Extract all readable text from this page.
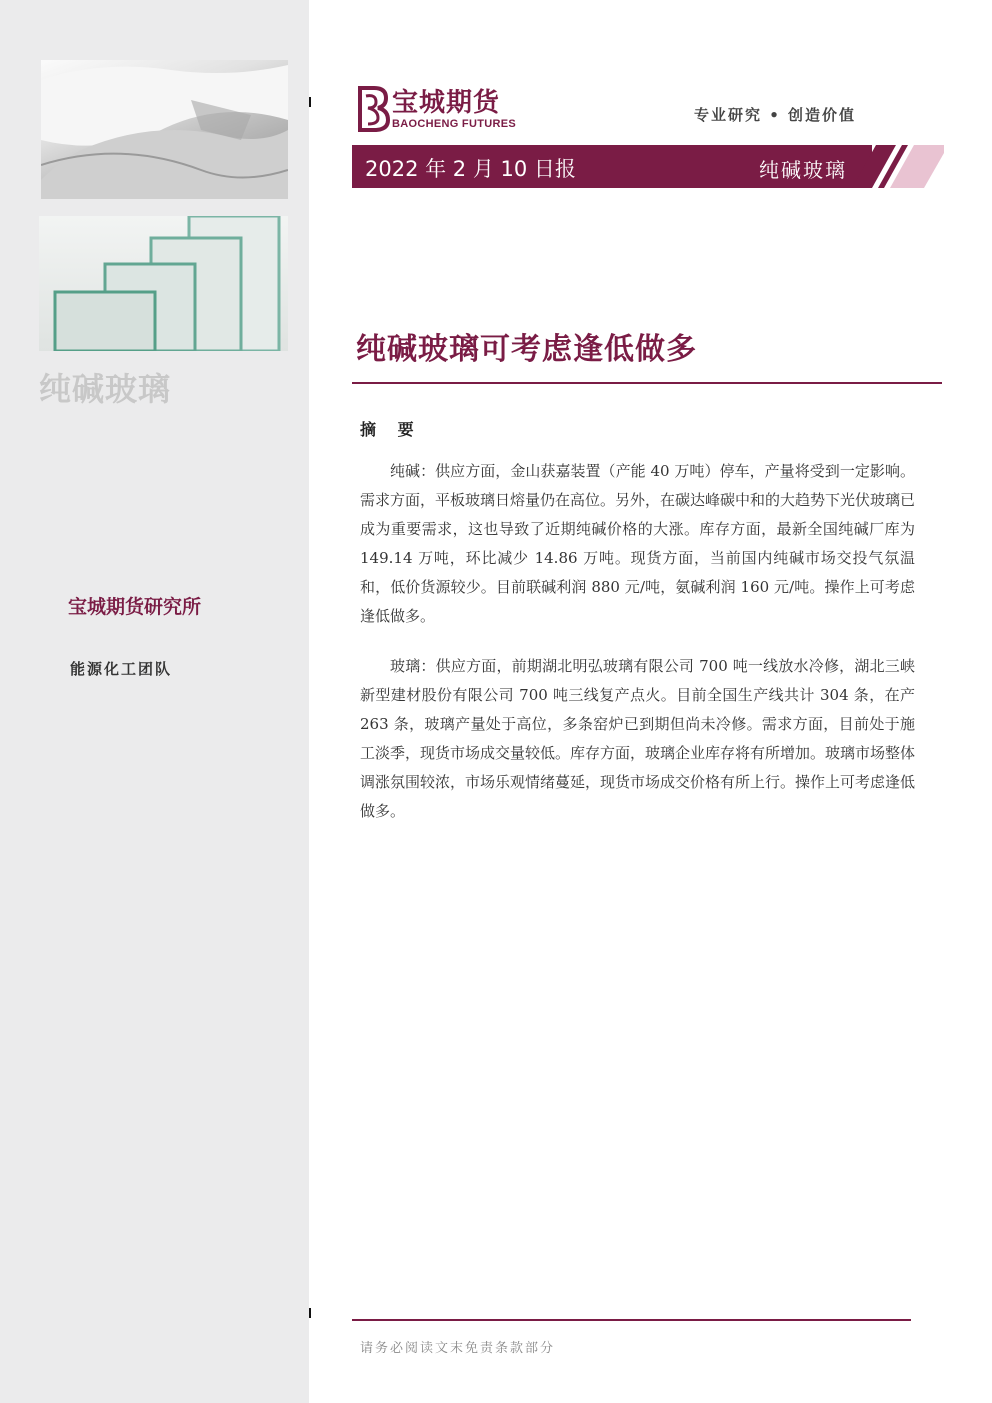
纯碱玻璃
宝城期货研究所
能源化工团队
宝城期货
BAOCHENG FUTURES	专业研究 • 创造价值
2022 年 2 月 10 日报	纯碱玻璃
纯碱玻璃可考虑逢低做多
摘 要

纯碱：供应方面，金山获嘉装置（产能 40 万吨）停车，产量将受到一定影响。需求方面，平板玻璃日熔量仍在高位。另外，在碳达峰碳中和的大趋势下光伏玻璃已成为重要需求，这也导致了近期纯碱价格的大涨。库存方面，最新全国纯碱厂库为 149.14 万吨，环比减少 14.86 万吨。现货方面，当前国内纯碱市场交投气氛温和，低价货源较少。目前联碱利润 880 元/吨，氨碱利润 160 元/吨。操作上可考虑逢低做多。

玻璃：供应方面，前期湖北明弘玻璃有限公司 700 吨一线放水冷修，湖北三峡新型建材股份有限公司 700 吨三线复产点火。目前全国生产线共计 304 条，在产 263 条，玻璃产量处于高位，多条窑炉已到期但尚未冷修。需求方面，目前处于施工淡季，现货市场成交量较低。库存方面，玻璃企业库存将有所增加。玻璃市场整体调涨氛围较浓，市场乐观情绪蔓延，现货市场成交价格有所上行。操作上可考虑逢低做多。

请务必阅读文末免责条款部分
